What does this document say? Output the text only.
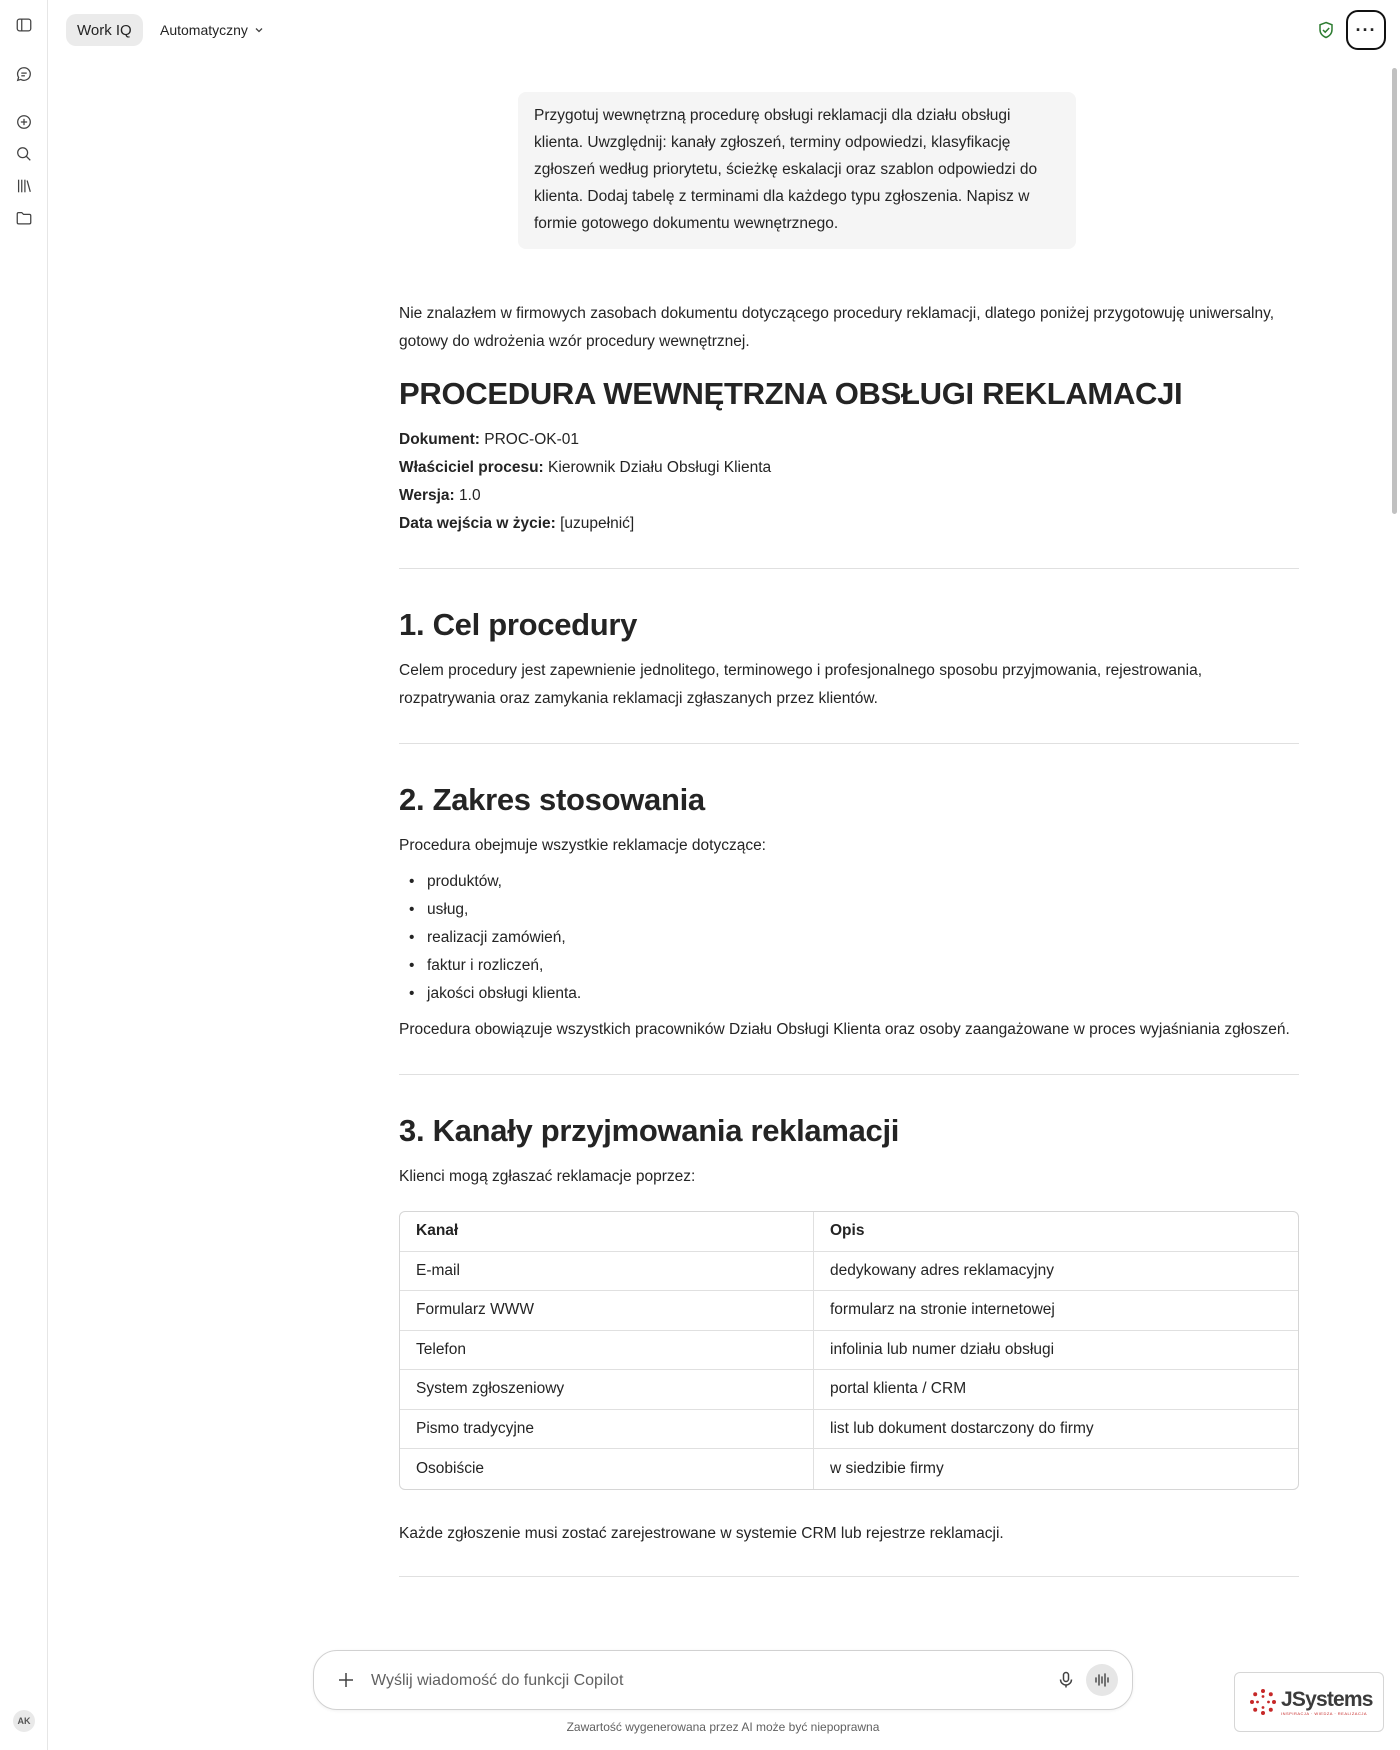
AK
Work IQ	Automatyczny	···
Przygotuj wewnętrzną procedurę obsługi reklamacji dla działu obsługi klienta. Uwzględnij: kanały zgłoszeń, terminy odpowiedzi, klasyfikację zgłoszeń według priorytetu, ścieżkę eskalacji oraz szablon odpowiedzi do klienta. Dodaj tabelę z terminami dla każdego typu zgłoszenia. Napisz w formie gotowego dokumentu wewnętrznego.

Nie znalazłem w firmowych zasobach dokumentu dotyczącego procedury reklamacji, dlatego poniżej przygotowuję uniwersalny, gotowy do wdrożenia wzór procedury wewnętrznej.

PROCEDURA WEWNĘTRZNA OBSŁUGI REKLAMACJI
Dokument: PROC-OK-01
Właściciel procesu: Kierownik Działu Obsługi Klienta
Wersja: 1.0
Data wejścia w życie: [uzupełnić]
1. Cel procedury

Celem procedury jest zapewnienie jednolitego, terminowego i profesjonalnego sposobu przyjmowania, rejestrowania, rozpatrywania oraz zamykania reklamacji zgłaszanych przez klientów.

2. Zakres stosowania

Procedura obejmuje wszystkie reklamacje dotyczące:

• produktów,
• usług,
• realizacji zamówień,
• faktur i rozliczeń,
• jakości obsługi klienta.

Procedura obowiązuje wszystkich pracowników Działu Obsługi Klienta oraz osoby zaangażowane w proces wyjaśniania zgłoszeń.

3. Kanały przyjmowania reklamacji

Klienci mogą zgłaszać reklamacje poprzez:

Kanał	Opis
E-mail	dedykowany adres reklamacyjny
Formularz WWW	formularz na stronie internetowej
Telefon	infolinia lub numer działu obsługi
System zgłoszeniowy	portal klienta / CRM
Pismo tradycyjne	list lub dokument dostarczony do firmy
Osobiście	w siedzibie firmy

Każde zgłoszenie musi zostać zarejestrowane w systemie CRM lub rejestrze reklamacji.

Wyślij wiadomość do funkcji Copilot
Zawartość wygenerowana przez AI może być niepoprawna
JSystems
INSPIRACJA · WIEDZA · REALIZACJA
